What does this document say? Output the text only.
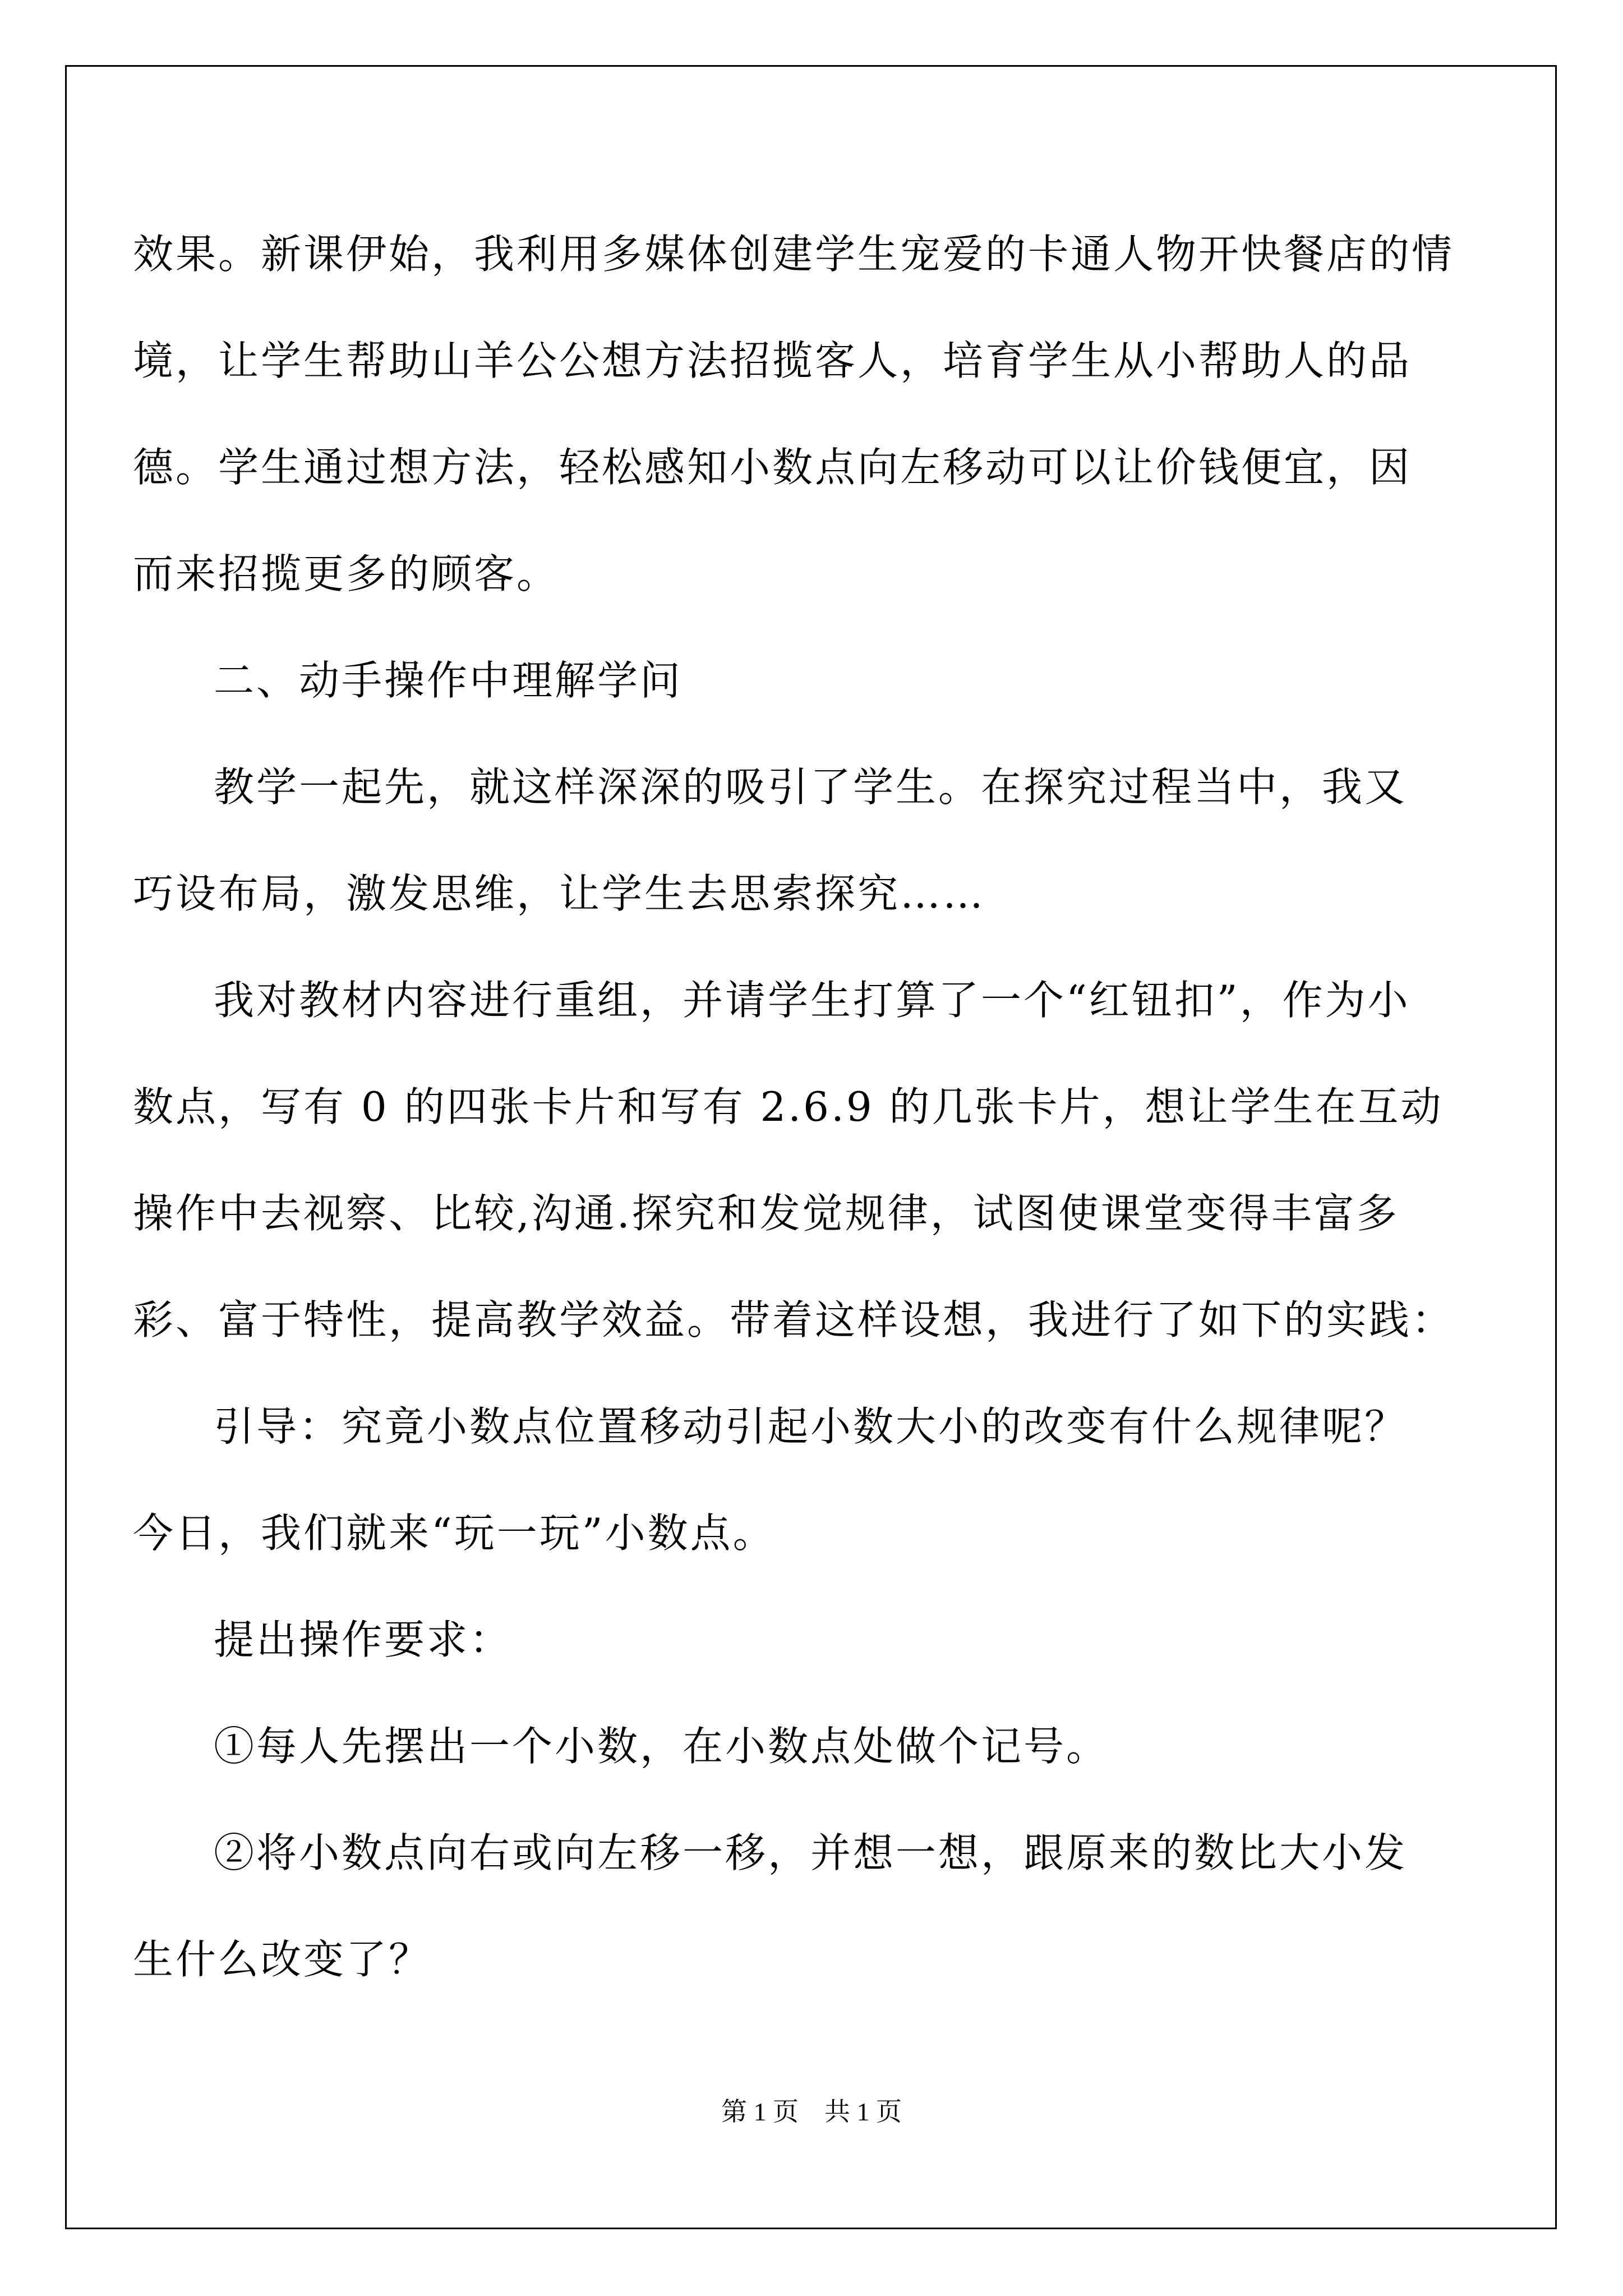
效果。新课伊始，我利用多媒体创建学生宠爱的卡通人物开快餐店的情
境，让学生帮助山羊公公想方法招揽客人，培育学生从小帮助人的品
德。学生通过想方法，轻松感知小数点向左移动可以让价钱便宜，因
而来招揽更多的顾客。
二、动手操作中理解学问
教学一起先，就这样深深的吸引了学生。在探究过程当中，我又
巧设布局，激发思维，让学生去思索探究……
我对教材内容进行重组，并请学生打算了一个“红钮扣”，作为小
数点，写有 0 的四张卡片和写有 2.6.9 的几张卡片，想让学生在互动
操作中去视察、比较,沟通.探究和发觉规律，试图使课堂变得丰富多
彩、富于特性，提高教学效益。带着这样设想，我进行了如下的实践：
引导：究竟小数点位置移动引起小数大小的改变有什么规律呢？
今日，我们就来“玩一玩”小数点。
提出操作要求：
①每人先摆出一个小数，在小数点处做个记号。
②将小数点向右或向左移一移，并想一想，跟原来的数比大小发
生什么改变了？
第 1 页　共 1 页
